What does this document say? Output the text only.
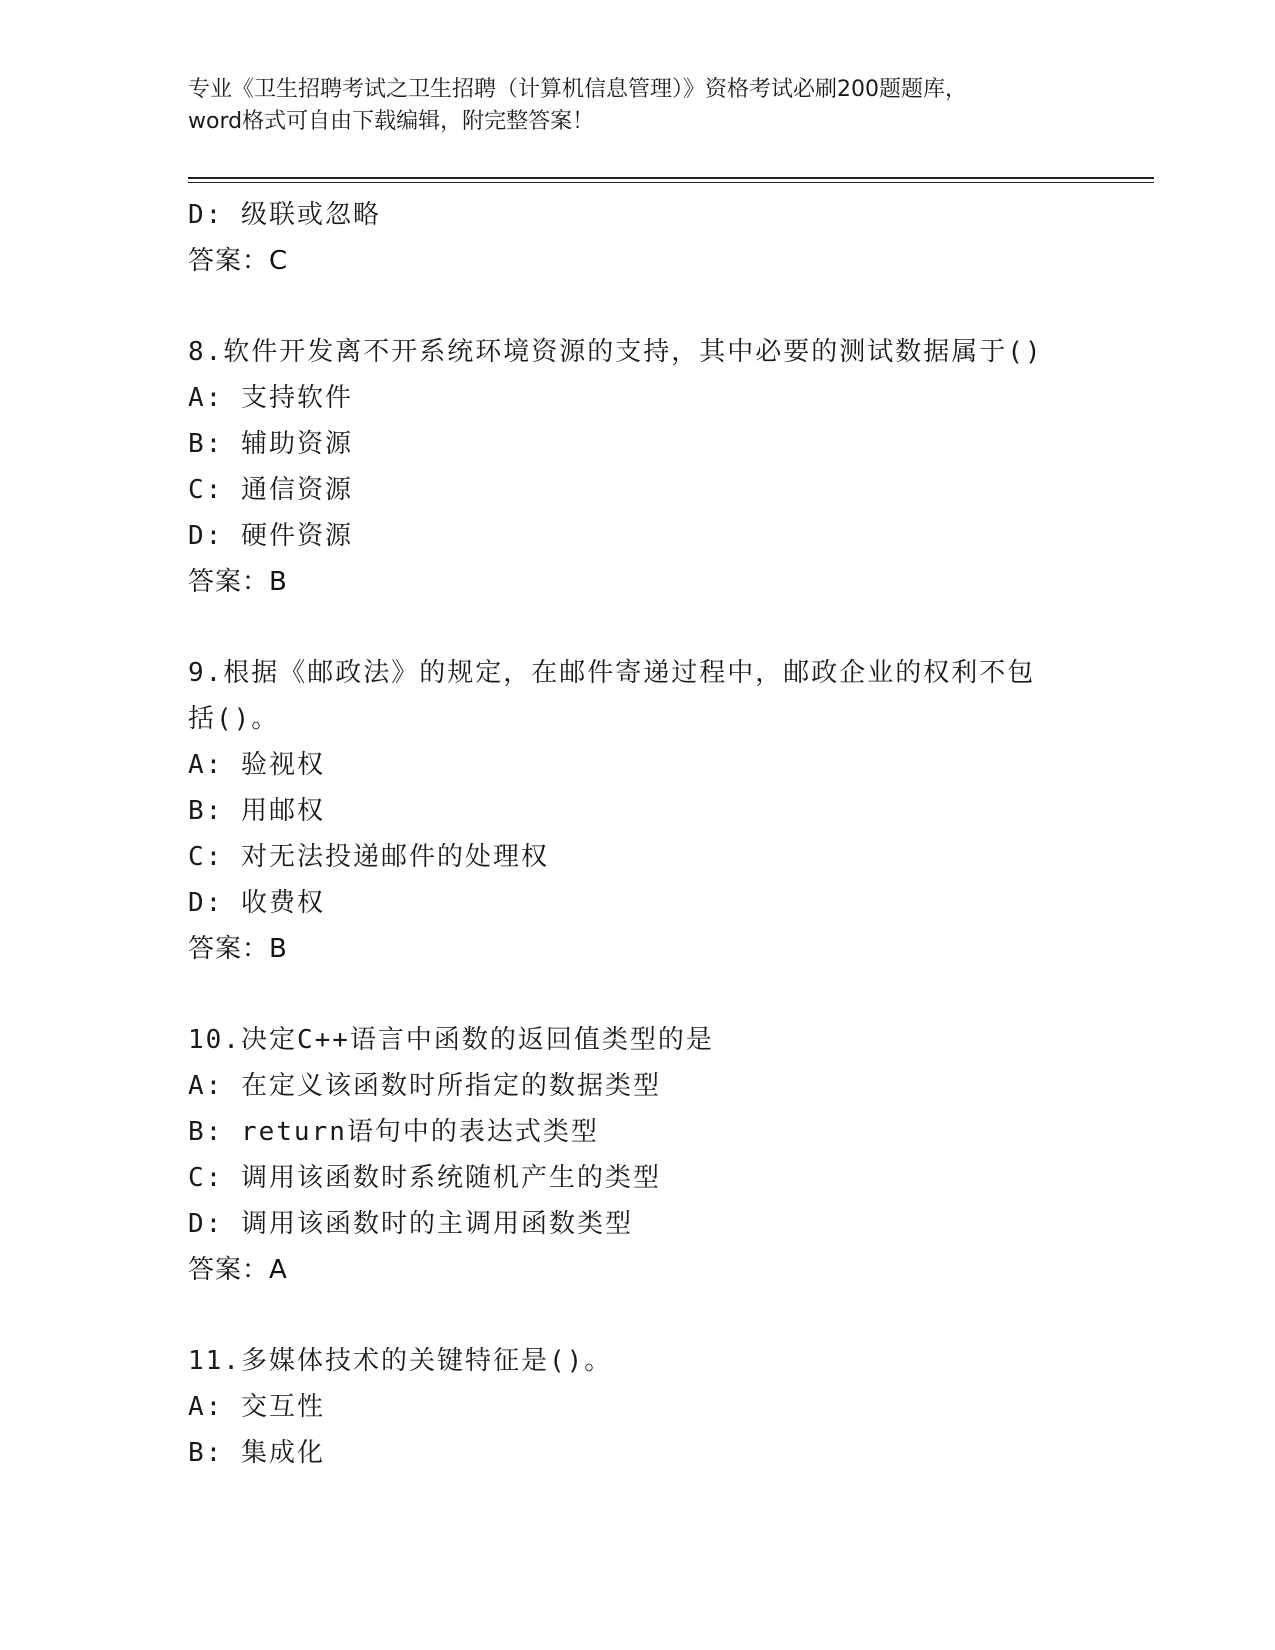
专业《卫生招聘考试之卫生招聘（计算机信息管理）》资格考试必刷200题题库，
word格式可自由下载编辑，附完整答案！
D: 级联或忽略
答案：C
8.软件开发离不开系统环境资源的支持，其中必要的测试数据属于()
A: 支持软件
B: 辅助资源
C: 通信资源
D: 硬件资源
答案：B
9.根据《邮政法》的规定，在邮件寄递过程中，邮政企业的权利不包
括()。
A: 验视权
B: 用邮权
C: 对无法投递邮件的处理权
D: 收费权
答案：B
10.决定C++语言中函数的返回值类型的是
A: 在定义该函数时所指定的数据类型
B: return语句中的表达式类型
C: 调用该函数时系统随机产生的类型
D: 调用该函数时的主调用函数类型
答案：A
11.多媒体技术的关键特征是()。
A: 交互性
B: 集成化
